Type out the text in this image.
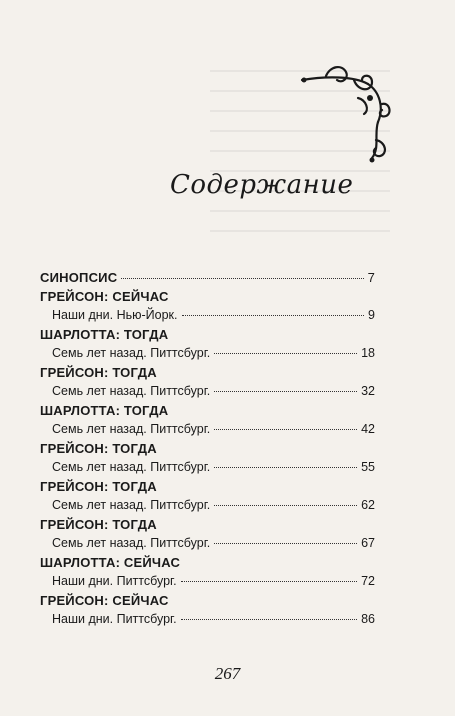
Содержание
СИНОПСИС	7
ГРЕЙСОН: СЕЙЧАС
Наши дни. Нью-Йорк.	9
ШАРЛОТТА: ТОГДА
Семь лет назад. Питтсбург.	18
ГРЕЙСОН: ТОГДА
Семь лет назад. Питтсбург.	32
ШАРЛОТТА: ТОГДА
Семь лет назад. Питтсбург.	42
ГРЕЙСОН: ТОГДА
Семь лет назад. Питтсбург.	55
ГРЕЙСОН: ТОГДА
Семь лет назад. Питтсбург.	62
ГРЕЙСОН: ТОГДА
Семь лет назад. Питтсбург.	67
ШАРЛОТТА: СЕЙЧАС
Наши дни. Питтсбург.	72
ГРЕЙСОН: СЕЙЧАС
Наши дни. Питтсбург.	86
267
